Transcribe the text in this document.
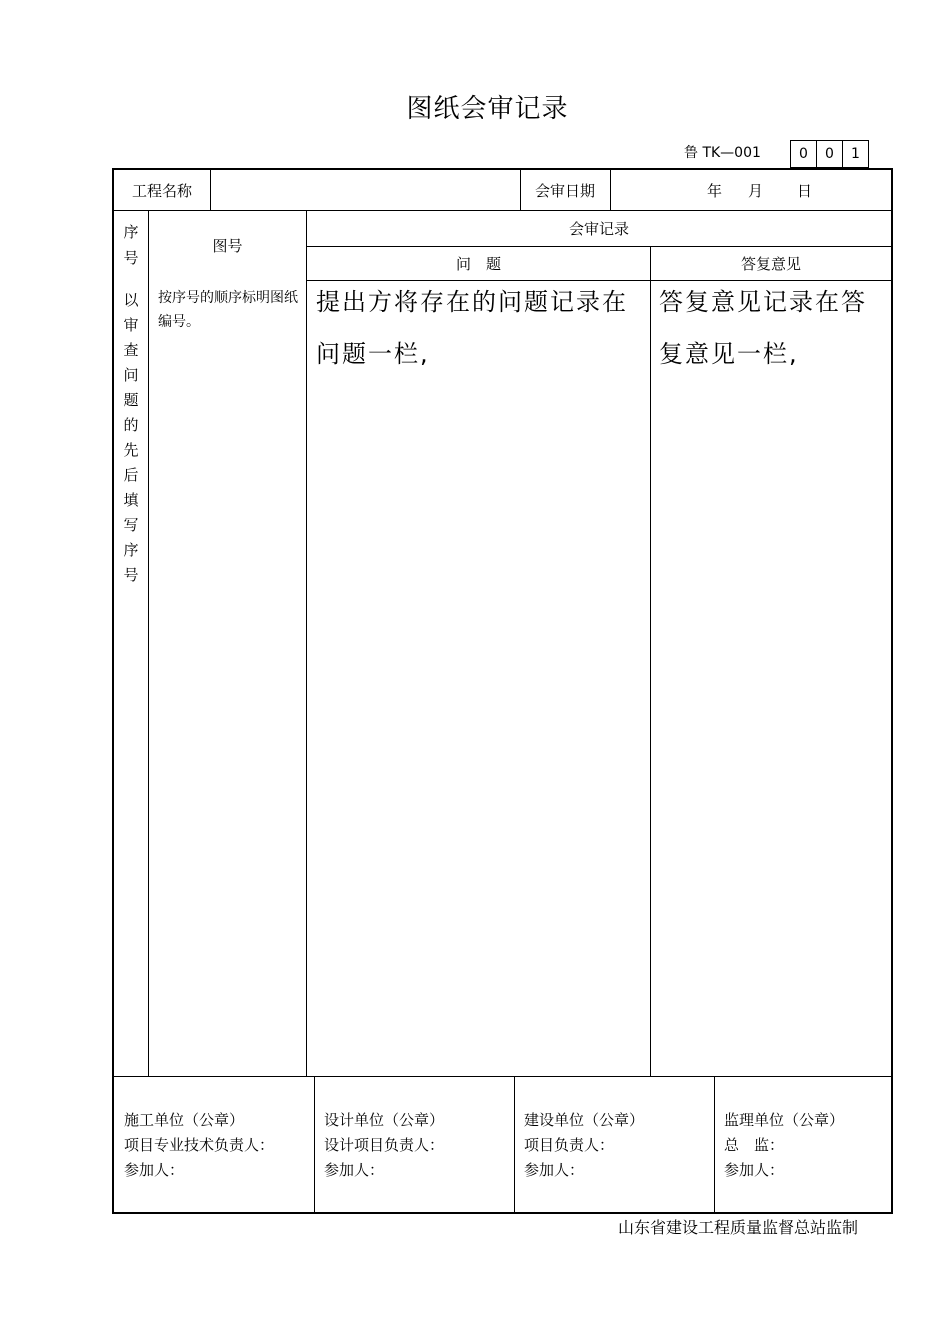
图纸会审记录
鲁 TK—001	0	0	1
工程名称	会审日期	年 月 日
序
号
图号
会审记录
问　题	答复意见
以
审
查
问
题
的
先
后
填
写
序
号
按序号的顺序标明图纸编号。
提出方将存在的问题记录在问题一栏,
答复意见记录在答复意见一栏,
施工单位（公章）
项目专业技术负责人：
参加人：
设计单位（公章）
设计项目负责人：
参加人：
建设单位（公章）
项目负责人：
参加人：
监理单位（公章）
总　监：
参加人：
山东省建设工程质量监督总站监制
